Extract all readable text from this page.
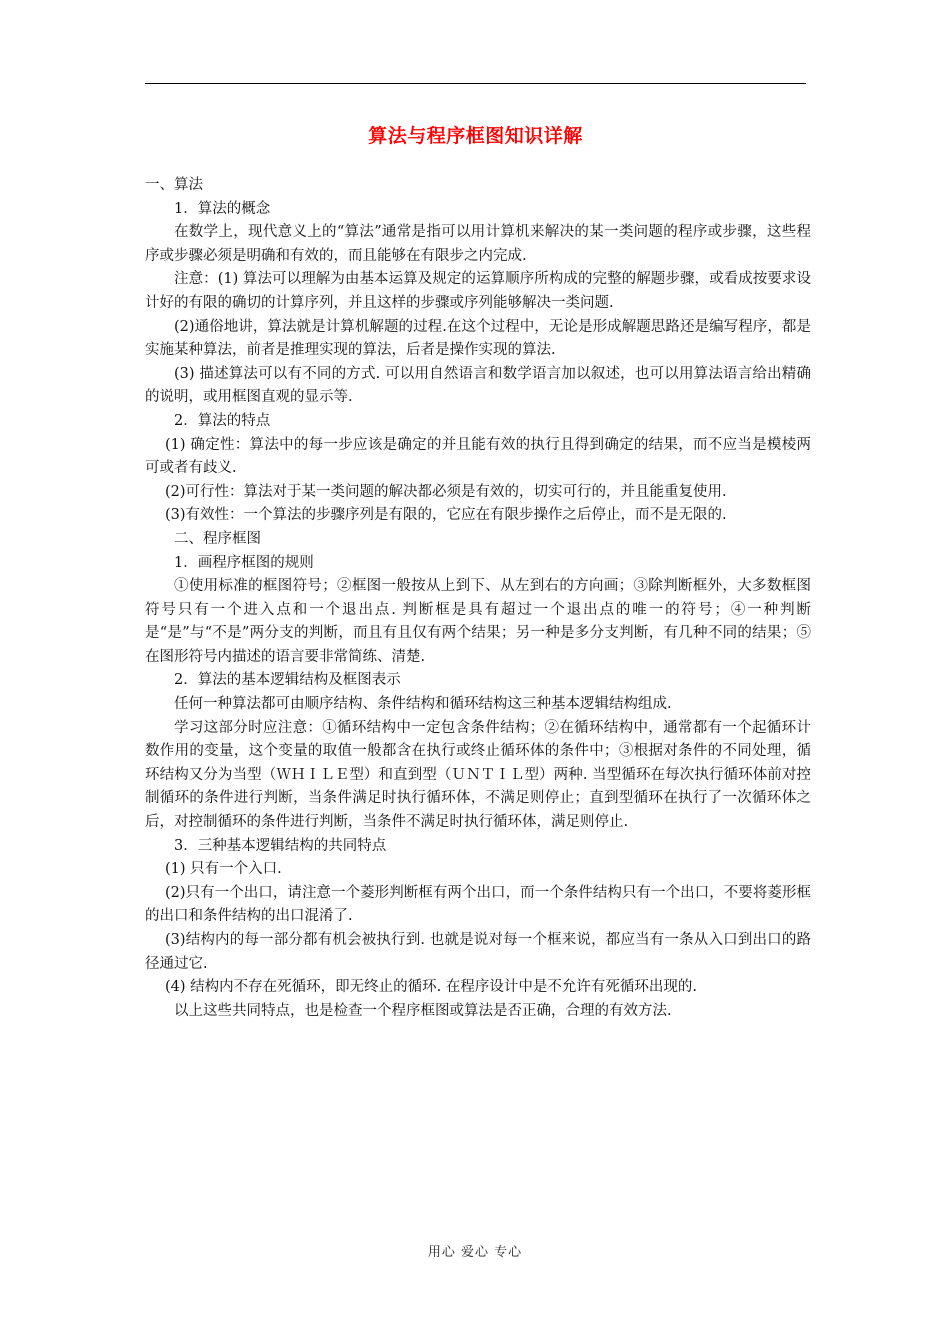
算法与程序框图知识详解

一、算法

1．算法的概念

在数学上，现代意义上的“算法”通常是指可以用计算机来解决的某一类问题的程序或步骤，这些程序或步骤必须是明确和有效的，而且能够在有限步之内完成.

注意：(1) 算法可以理解为由基本运算及规定的运算顺序所构成的完整的解题步骤，或看成按要求设计好的有限的确切的计算序列，并且这样的步骤或序列能够解决一类问题.

(2)通俗地讲，算法就是计算机解题的过程.在这个过程中，无论是形成解题思路还是编写程序，都是实施某种算法，前者是推理实现的算法，后者是操作实现的算法.

(3) 描述算法可以有不同的方式. 可以用自然语言和数学语言加以叙述，也可以用算法语言给出精确的说明，或用框图直观的显示等.

2．算法的特点

(1) 确定性：算法中的每一步应该是确定的并且能有效的执行且得到确定的结果，而不应当是模棱两可或者有歧义.

(2)可行性：算法对于某一类问题的解决都必须是有效的，切实可行的，并且能重复使用.

(3)有效性：一个算法的步骤序列是有限的，它应在有限步操作之后停止，而不是无限的.

二、程序框图

1．画程序框图的规则

①使用标准的框图符号；②框图一般按从上到下、从左到右的方向画；③除判断框外，大多数框图符号只有一个进入点和一个退出点. 判断框是具有超过一个退出点的唯一的符号；④一种判断是“是”与“不是”两分支的判断，而且有且仅有两个结果；另一种是多分支判断，有几种不同的结果；⑤在图形符号内描述的语言要非常简练、清楚.

2．算法的基本逻辑结构及框图表示

任何一种算法都可由顺序结构、条件结构和循环结构这三种基本逻辑结构组成.

学习这部分时应注意：①循环结构中一定包含条件结构；②在循环结构中，通常都有一个起循环计数作用的变量，这个变量的取值一般都含在执行或终止循环体的条件中；③根据对条件的不同处理，循环结构又分为当型（ＷＨＩＬＥ型）和直到型（ＵＮＴＩＬ型）两种. 当型循环在每次执行循环体前对控制循环的条件进行判断，当条件满足时执行循环体，不满足则停止；直到型循环在执行了一次循环体之后，对控制循环的条件进行判断，当条件不满足时执行循环体，满足则停止.

3．三种基本逻辑结构的共同特点

(1) 只有一个入口.

(2)只有一个出口，请注意一个菱形判断框有两个出口，而一个条件结构只有一个出口，不要将菱形框的出口和条件结构的出口混淆了.

(3)结构内的每一部分都有机会被执行到. 也就是说对每一个框来说，都应当有一条从入口到出口的路径通过它.

(4) 结构内不存在死循环，即无终止的循环. 在程序设计中是不允许有死循环出现的.

以上这些共同特点，也是检查一个程序框图或算法是否正确，合理的有效方法.

用心 爱心 专心
